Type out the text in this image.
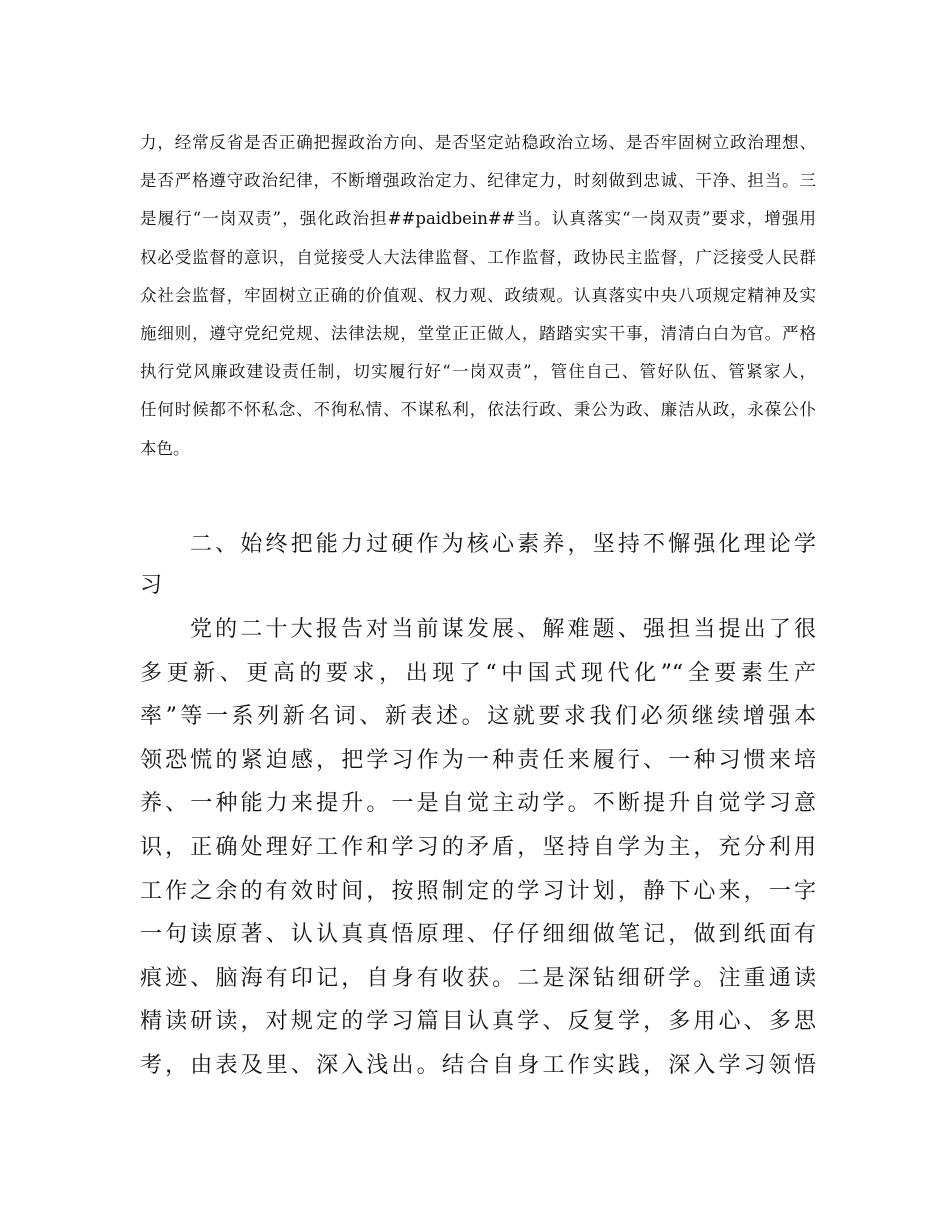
力，经常反省是否正确把握政治方向、是否坚定站稳政治立场、是否牢固树立政治理想、
是否严格遵守政治纪律，不断增强政治定力、纪律定力，时刻做到忠诚、干净、担当。三
是履行“一岗双责”，强化政治担##paidbein##当。认真落实“一岗双责”要求，增强用
权必受监督的意识，自觉接受人大法律监督、工作监督，政协民主监督，广泛接受人民群
众社会监督，牢固树立正确的价值观、权力观、政绩观。认真落实中央八项规定精神及实
施细则，遵守党纪党规、法律法规，堂堂正正做人，踏踏实实干事，清清白白为官。严格
执行党风廉政建设责任制，切实履行好“一岗双责”，管住自己、管好队伍、管紧家人，
任何时候都不怀私念、不徇私情、不谋私利，依法行政、秉公为政、廉洁从政，永葆公仆
本色。
二、始终把能力过硬作为核心素养，坚持不懈强化理论学
习
党的二十大报告对当前谋发展、解难题、强担当提出了很
多更新、更高的要求，出现了“中国式现代化”“全要素生产
率”等一系列新名词、新表述。这就要求我们必须继续增强本
领恐慌的紧迫感，把学习作为一种责任来履行、一种习惯来培
养、一种能力来提升。一是自觉主动学。不断提升自觉学习意
识，正确处理好工作和学习的矛盾，坚持自学为主，充分利用
工作之余的有效时间，按照制定的学习计划，静下心来，一字
一句读原著、认认真真悟原理、仔仔细细做笔记，做到纸面有
痕迹、脑海有印记，自身有收获。二是深钻细研学。注重通读
精读研读，对规定的学习篇目认真学、反复学，多用心、多思
考，由表及里、深入浅出。结合自身工作实践，深入学习领悟
